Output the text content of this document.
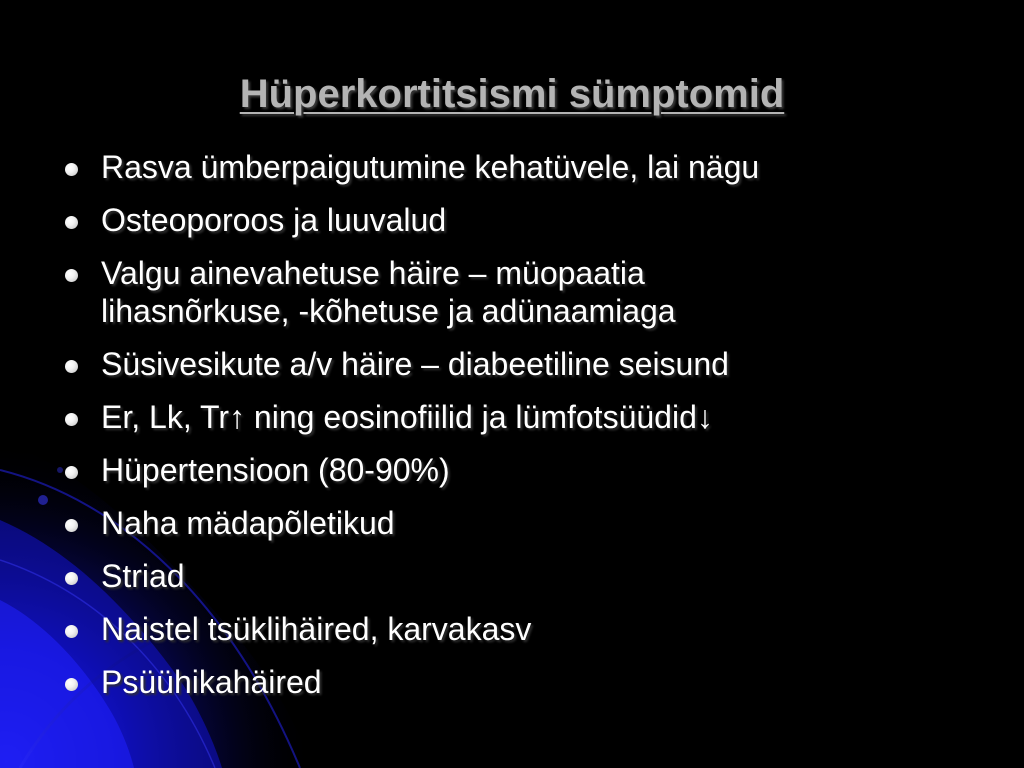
Hüperkortitsismi sümptomid
Rasva ümberpaigutumine kehatüvele, lai nägu
Osteoporoos ja luuvalud
Valgu ainevahetuse häire – müopaatia
lihasnõrkuse, -kõhetuse ja adünaamiaga
Süsivesikute a/v häire – diabeetiline seisund
Er, Lk, Tr↑ ning eosinofiilid ja lümfotsüüdid↓
Hüpertensioon (80-90%)
Naha mädapõletikud
Striad
Naistel tsüklihäired, karvakasv
Psüühikahäired
